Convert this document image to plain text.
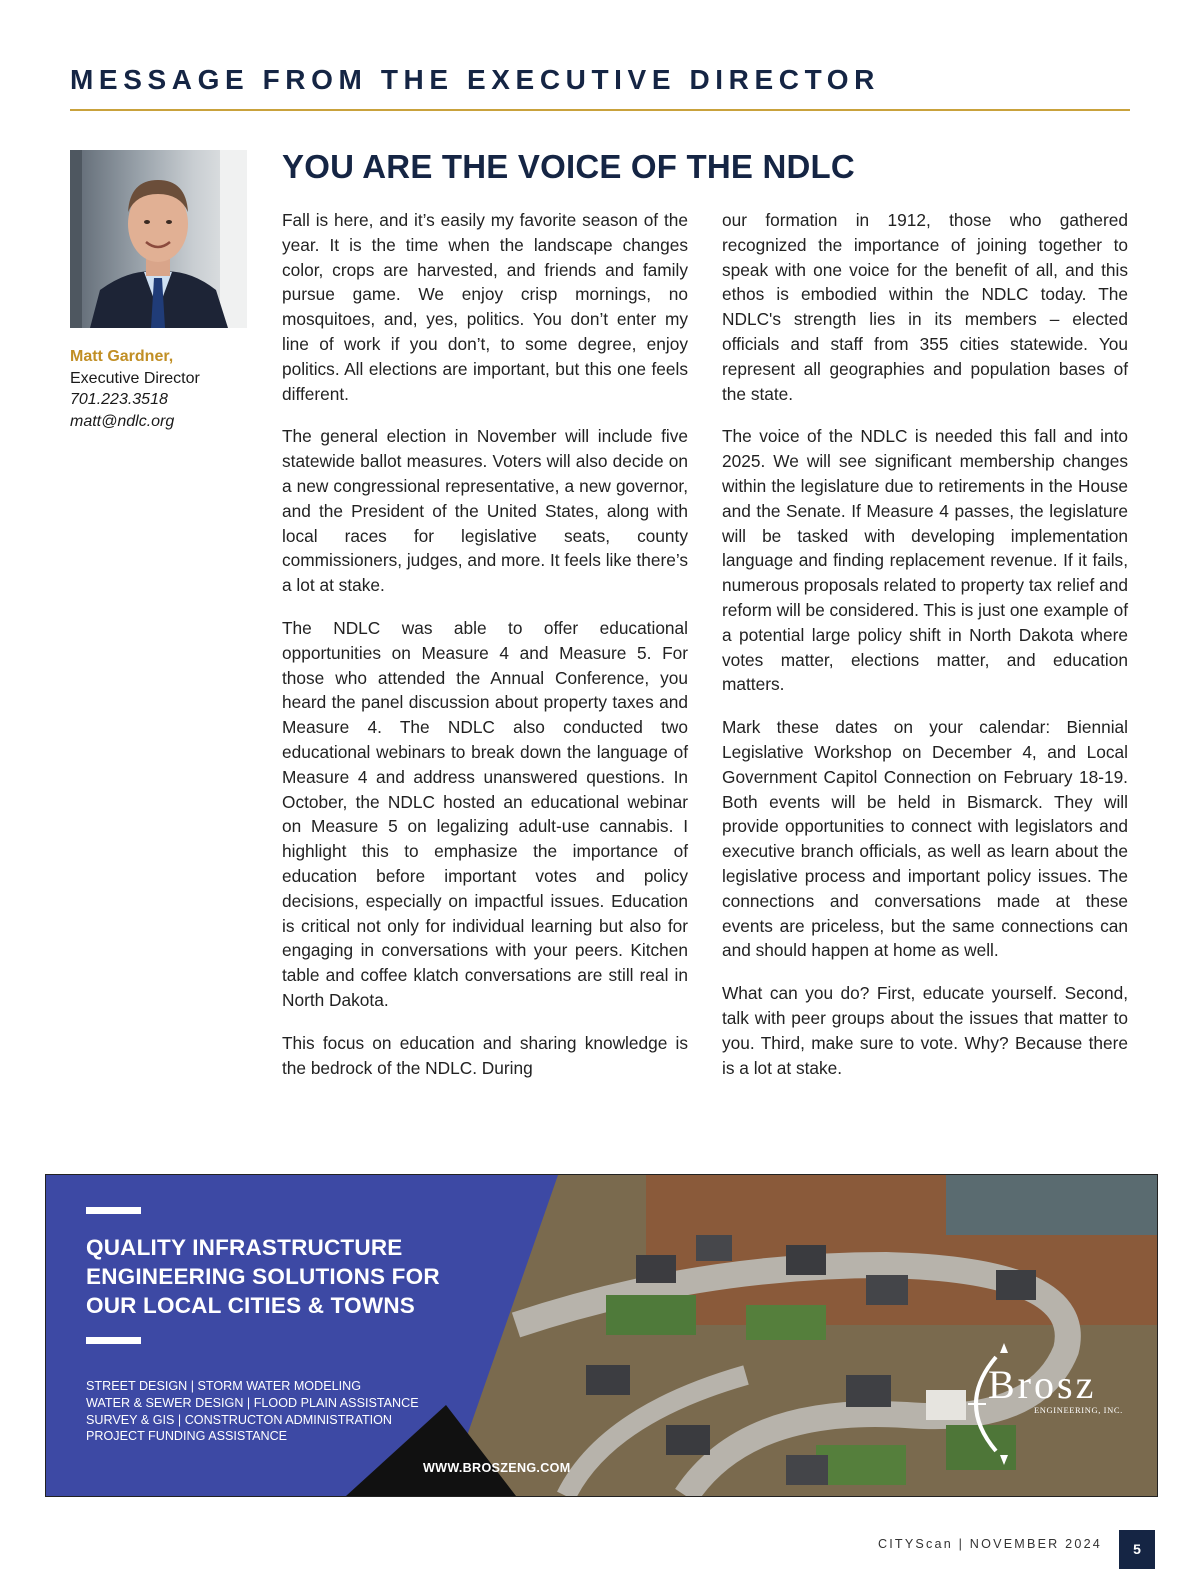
MESSAGE FROM THE EXECUTIVE DIRECTOR
Matt Gardner,
Executive Director
701.223.3518
matt@ndlc.org
YOU ARE THE VOICE OF THE NDLC

Fall is here, and it’s easily my favorite season of the year. It is the time when the landscape changes color, crops are harvested, and friends and family pursue game. We enjoy crisp mornings, no mosquitoes, and, yes, politics. You don’t enter my line of work if you don’t, to some degree, enjoy politics. All elections are important, but this one feels different.

The general election in November will include five statewide ballot measures. Voters will also decide on a new congressional representative, a new governor, and the President of the United States, along with local races for legislative seats, county commissioners, judges, and more. It feels like there’s a lot at stake.

The NDLC was able to offer educational opportunities on Measure 4 and Measure 5. For those who attended the Annual Conference, you heard the panel discussion about property taxes and Measure 4. The NDLC also conducted two educational webinars to break down the language of Measure 4 and address unanswered questions. In October, the NDLC hosted an educational webinar on Measure 5 on legalizing adult-use cannabis. I highlight this to emphasize the importance of education before important votes and policy decisions, especially on impactful issues. Education is critical not only for individual learning but also for engaging in conversations with your peers. Kitchen table and coffee klatch conversations are still real in North Dakota.

This focus on education and sharing knowledge is the bedrock of the NDLC. During

our formation in 1912, those who gathered recognized the importance of joining together to speak with one voice for the benefit of all, and this ethos is embodied within the NDLC today. The NDLC's strength lies in its members – elected officials and staff from 355 cities statewide. You represent all geographies and population bases of the state.

The voice of the NDLC is needed this fall and into 2025. We will see significant membership changes within the legislature due to retirements in the House and the Senate. If Measure 4 passes, the legislature will be tasked with developing implementation language and finding replacement revenue. If it fails, numerous proposals related to property tax relief and reform will be considered. This is just one example of a potential large policy shift in North Dakota where votes matter, elections matter, and education matters.

Mark these dates on your calendar: Biennial Legislative Workshop on December 4, and Local Government Capitol Connection on February 18-19. Both events will be held in Bismarck. They will provide opportunities to connect with legislators and executive branch officials, as well as learn about the legislative process and important policy issues. The connections and conversations made at these events are priceless, but the same connections can and should happen at home as well.

What can you do? First, educate yourself. Second, talk with peer groups about the issues that matter to you. Third, make sure to vote. Why? Because there is a lot at stake.

QUALITY INFRASTRUCTURE
ENGINEERING SOLUTIONS FOR
OUR LOCAL CITIES & TOWNS
STREET DESIGN | STORM WATER MODELING
WATER & SEWER DESIGN | FLOOD PLAIN ASSISTANCE
SURVEY & GIS | CONSTRUCTON ADMINISTRATION
PROJECT FUNDING ASSISTANCE
WWW.BROSZENG.COM
Brosz
ENGINEERING, INC.
CITYScan | NOVEMBER 2024	5
